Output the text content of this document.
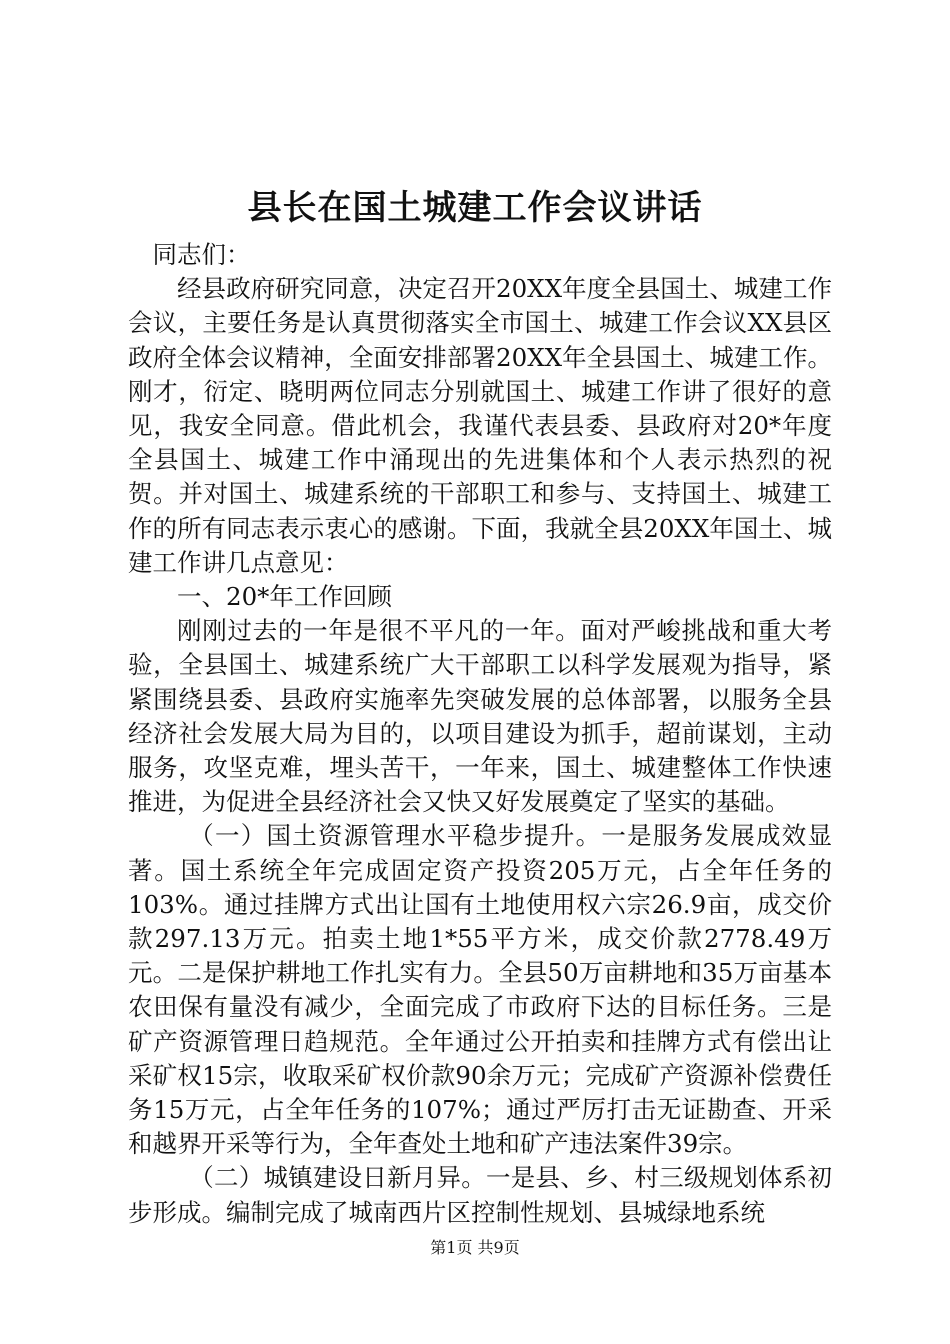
县长在国土城建工作会议讲话

同志们：

经县政府研究同意，决定召开20XX年度全县国土、城建工作会议，主要任务是认真贯彻落实全市国土、城建工作会议XX县区政府全体会议精神，全面安排部署20XX年全县国土、城建工作。刚才，衍定、晓明两位同志分别就国土、城建工作讲了很好的意见，我安全同意。借此机会，我谨代表县委、县政府对20*年度全县国土、城建工作中涌现出的先进集体和个人表示热烈的祝贺。并对国土、城建系统的干部职工和参与、支持国土、城建工作的所有同志表示衷心的感谢。下面，我就全县20XX年国土、城建工作讲几点意见：

一、20*年工作回顾

刚刚过去的一年是很不平凡的一年。面对严峻挑战和重大考验，全县国土、城建系统广大干部职工以科学发展观为指导，紧紧围绕县委、县政府实施率先突破发展的总体部署，以服务全县经济社会发展大局为目的，以项目建设为抓手，超前谋划，主动服务，攻坚克难，埋头苦干，一年来，国土、城建整体工作快速推进，为促进全县经济社会又快又好发展奠定了坚实的基础。

（一）国土资源管理水平稳步提升。一是服务发展成效显著。国土系统全年完成固定资产投资205万元，占全年任务的103%。通过挂牌方式出让国有土地使用权六宗26.9亩，成交价款297.13万元。拍卖土地1*55平方米，成交价款2778.49万元。二是保护耕地工作扎实有力。全县50万亩耕地和35万亩基本农田保有量没有减少，全面完成了市政府下达的目标任务。三是矿产资源管理日趋规范。全年通过公开拍卖和挂牌方式有偿出让采矿权15宗，收取采矿权价款90余万元；完成矿产资源补偿费任务15万元，占全年任务的107%；通过严厉打击无证勘查、开采和越界开采等行为，全年查处土地和矿产违法案件39宗。

（二）城镇建设日新月异。一是县、乡、村三级规划体系初步形成。编制完成了城南西片区控制性规划、县城绿地系统

第1页 共9页
